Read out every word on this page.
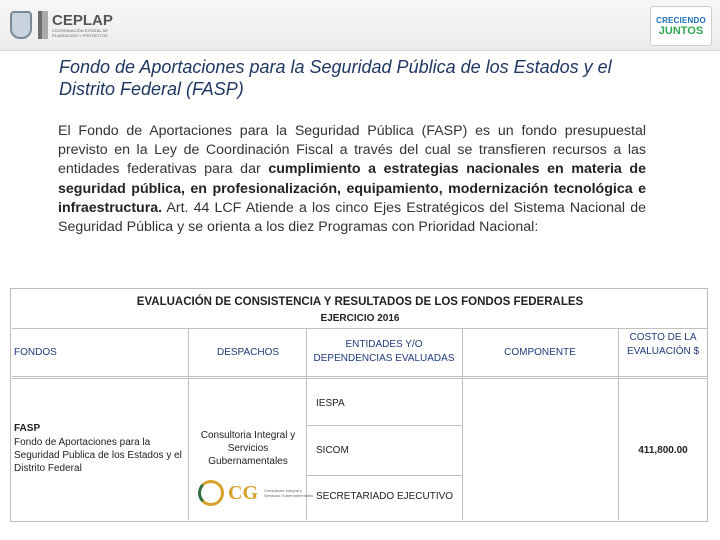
CEPLAP
COORDINACIÓN ESTATAL DE PLANEACIÓN Y PROYECTOS
CRECIENDO
JUNTOS
Fondo de Aportaciones para la Seguridad Pública de los Estados y el Distrito Federal (FASP)
El Fondo de Aportaciones para la Seguridad Pública (FASP) es un fondo presupuestal previsto en la Ley de Coordinación Fiscal a través del cual se transfieren recursos a las entidades federativas para dar cumplimiento a estrategias nacionales en materia de seguridad pública, en profesionalización, equipamiento, modernización tecnológica e infraestructura. Art. 44 LCF Atiende a los cinco Ejes Estratégicos del Sistema Nacional de Seguridad Pública y se orienta a los diez Programas con Prioridad Nacional:
EVALUACIÓN DE CONSISTENCIA Y RESULTADOS DE LOS FONDOS FEDERALES
EJERCICIO 2016
FONDOS	DESPACHOS
ENTIDADES Y/O DEPENDENCIAS EVALUADAS
COMPONENTE
COSTO DE LA EVALUACIÓN $
FASP
Fondo de Aportaciones para la Seguridad Publica de los Estados y el Distrito Federal
Consultoria Integral y Servicios Gubernamentales
IESPA
SICOM
SECRETARIADO EJECUTIVO
411,800.00
CG Consultoría Integral y Servicios Gubernamentales
